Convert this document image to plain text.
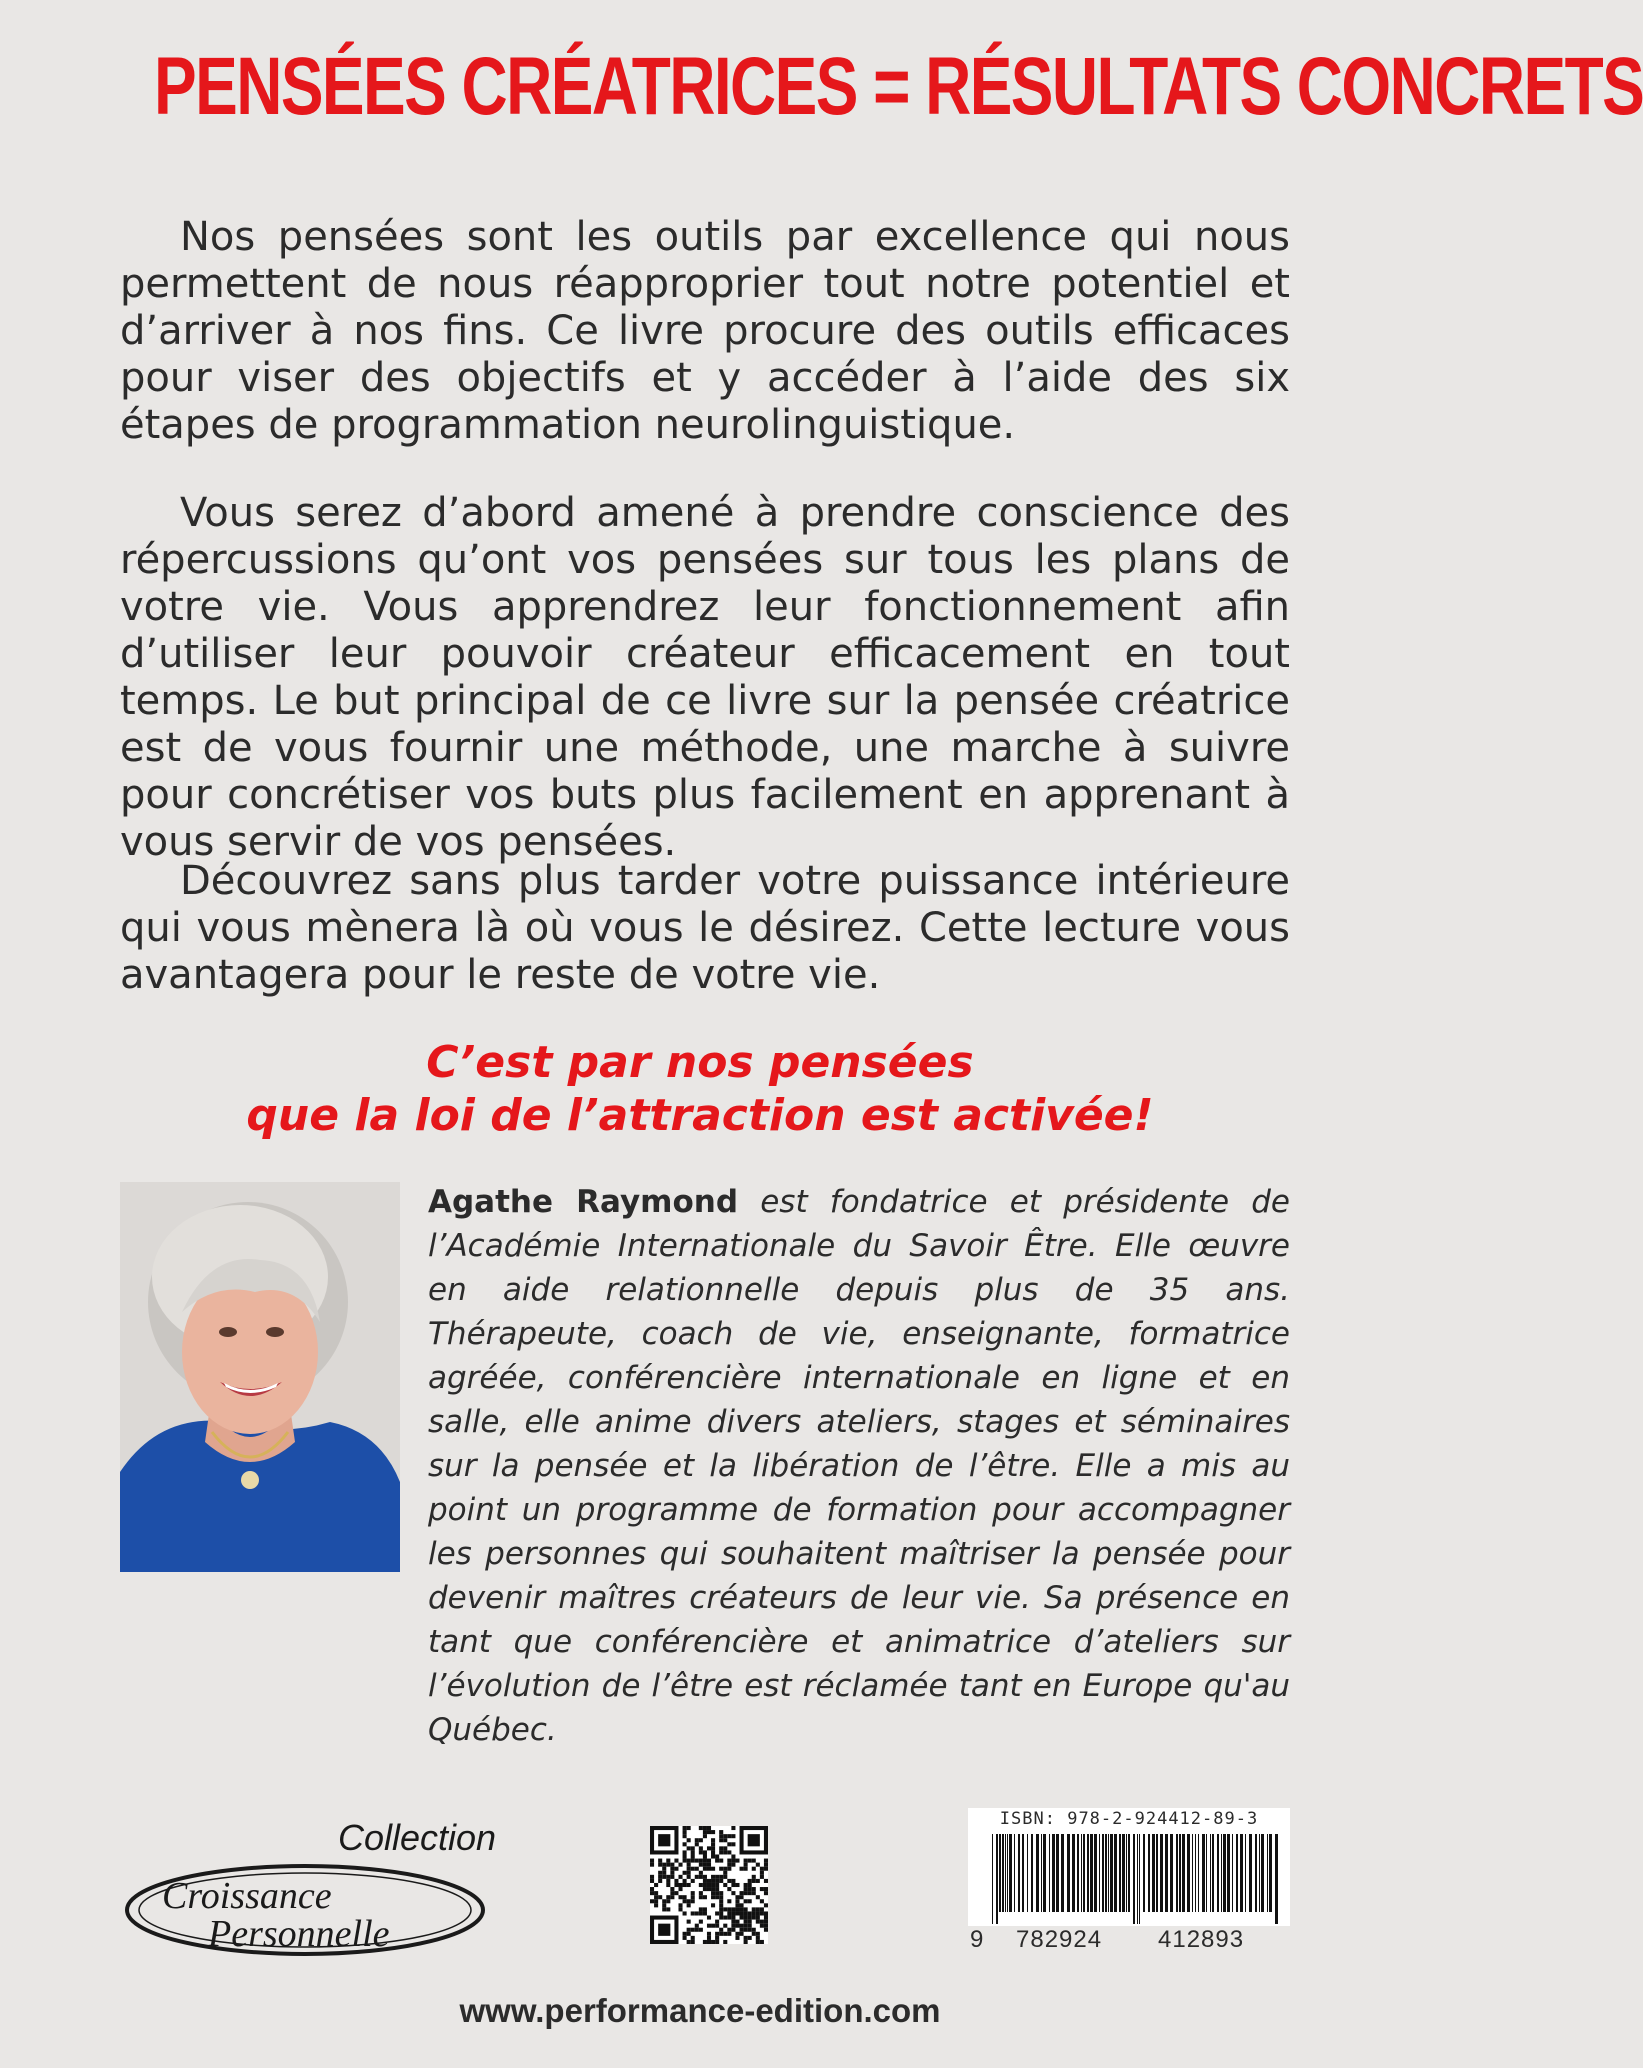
PENSÉES CRÉATRICES = RÉSULTATS CONCRETS

Nos pensées sont les outils par excellence qui nous permettent de nous réapproprier tout notre potentiel et d’arriver à nos fins. Ce livre procure des outils efficaces pour viser des objectifs et y accéder à l’aide des six étapes de programmation neurolinguistique.

Vous serez d’abord amené à prendre conscience des répercussions qu’ont vos pensées sur tous les plans de votre vie. Vous apprendrez leur fonctionnement afin d’utiliser leur pouvoir créateur efficacement en tout temps. Le but principal de ce livre sur la pensée créatrice est de vous fournir une méthode, une marche à suivre pour concrétiser vos buts plus facilement en apprenant à vous servir de vos pensées.

Découvrez sans plus tarder votre puissance intérieure qui vous mènera là où vous le désirez. Cette lecture vous avantagera pour le reste de votre vie.

C’est par nos pensées
que la loi de l’attraction est activée!
Agathe Raymond est fondatrice et présidente de l’Académie Internationale du Savoir Être. Elle œuvre en aide relationnelle depuis plus de 35 ans. Thérapeute, coach de vie, enseignante, formatrice agréée, conférencière internationale en ligne et en salle, elle anime divers ateliers, stages et séminaires sur la pensée et la libération de l’être. Elle a mis au point un programme de formation pour accompagner les personnes qui souhaitent maîtriser la pensée pour devenir maîtres créateurs de leur vie. Sa présence en tant que conférencière et animatrice d’ateliers sur l’évolution de l’être est réclamée tant en Europe qu'au Québec.
Collection
Croissance
Personnelle
ISBN: 978-2-924412-89-3
9 782924 412893
www.performance-edition.com
